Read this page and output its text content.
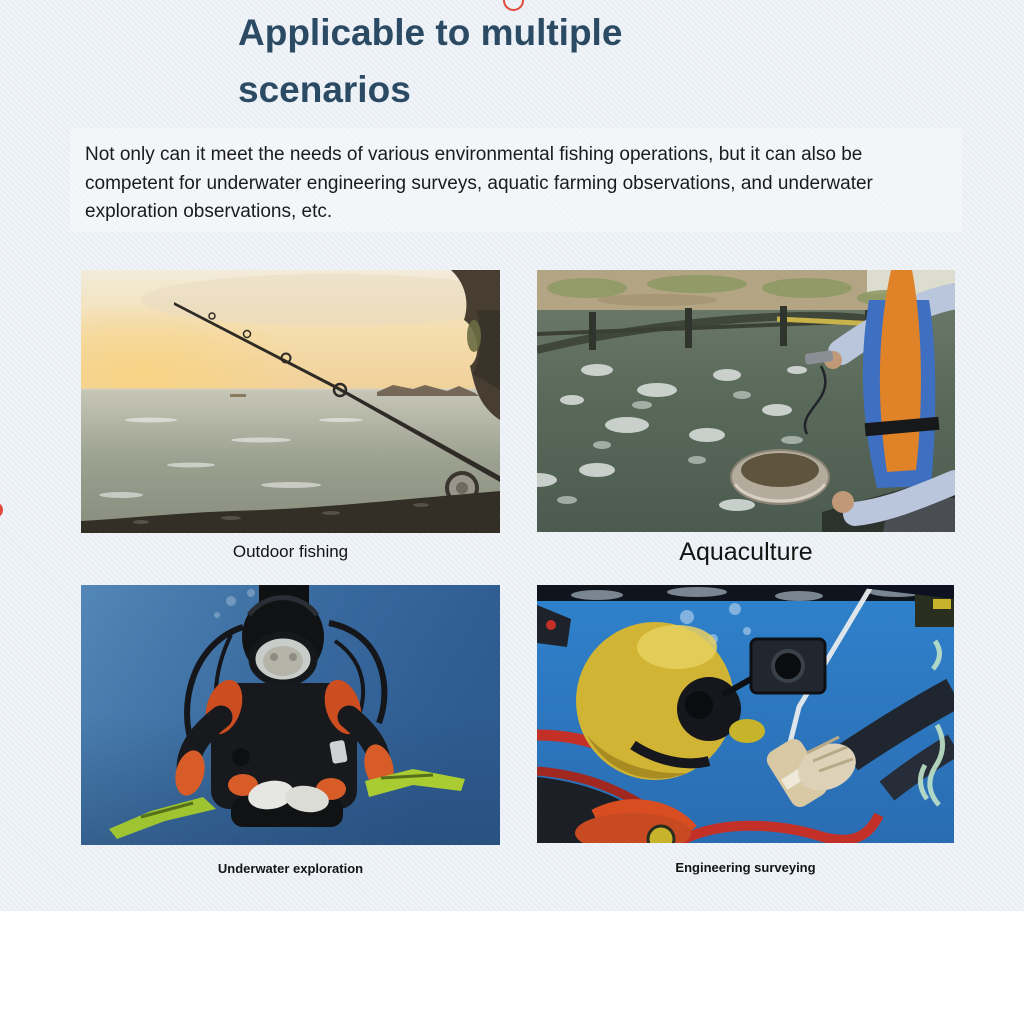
Applicable to multiple
scenarios
Not only can it meet the needs of various environmental fishing operations, but it can also be
competent for underwater engineering surveys, aquatic farming observations, and underwater
exploration observations, etc.
Outdoor fishing	Aquaculture
Underwater exploration	Engineering surveying
